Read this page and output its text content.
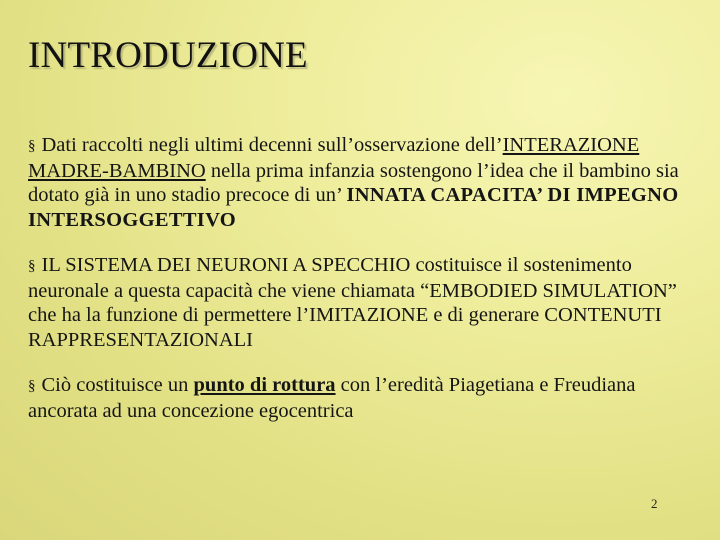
INTRODUZIONE

§ Dati raccolti negli ultimi decenni sull’osservazione dell’INTERAZIONE MADRE-BAMBINO nella prima infanzia sostengono l’idea che il bambino sia dotato già in uno stadio precoce di un’ INNATA CAPACITA’ DI IMPEGNO INTERSOGGETTIVO

§ IL SISTEMA DEI NEURONI A SPECCHIO costituisce il sostenimento neuronale a questa capacità che viene chiamata “EMBODIED SIMULATION” che ha la funzione di permettere l’IMITAZIONE e di generare CONTENUTI RAPPRESENTAZIONALI

§ Ciò costituisce un punto di rottura con l’eredità Piagetiana e Freudiana ancorata ad una concezione egocentrica

2
